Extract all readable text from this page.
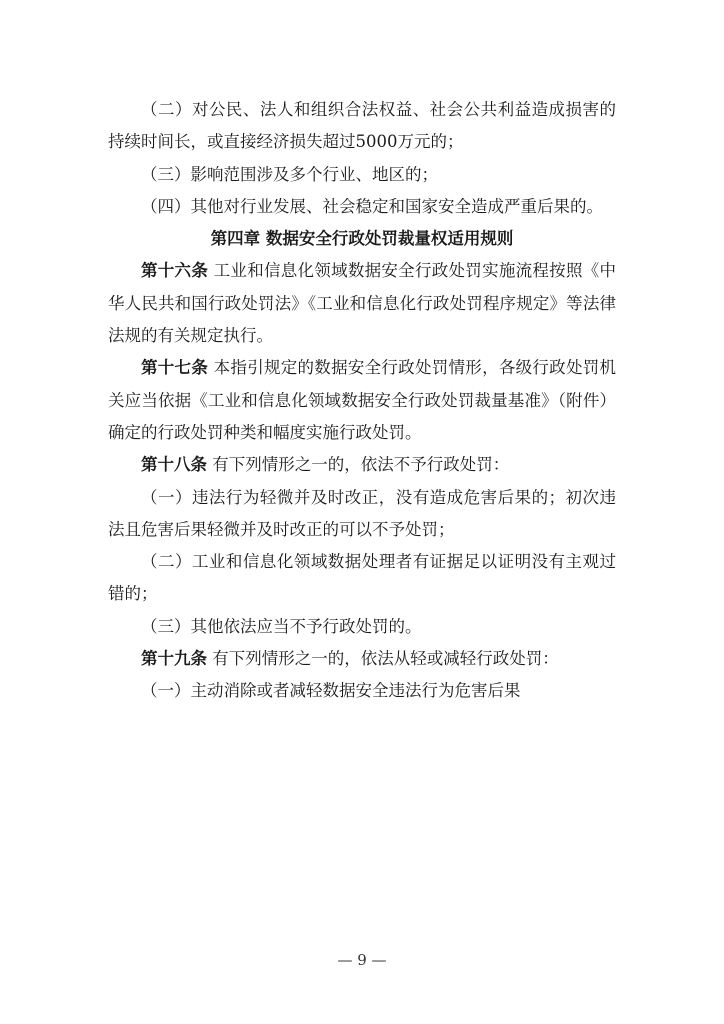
（二）对公民、法人和组织合法权益、社会公共利益造成损害的持续时间长，或直接经济损失超过5000万元的；

（三）影响范围涉及多个行业、地区的；

（四）其他对行业发展、社会稳定和国家安全造成严重后果的。

第四章 数据安全行政处罚裁量权适用规则

第十六条 工业和信息化领域数据安全行政处罚实施流程按照《中华人民共和国行政处罚法》《工业和信息化行政处罚程序规定》等法律法规的有关规定执行。

第十七条 本指引规定的数据安全行政处罚情形，各级行政处罚机关应当依据《工业和信息化领域数据安全行政处罚裁量基准》（附件）确定的行政处罚种类和幅度实施行政处罚。

第十八条 有下列情形之一的，依法不予行政处罚：

（一）违法行为轻微并及时改正，没有造成危害后果的；初次违法且危害后果轻微并及时改正的可以不予处罚；

（二）工业和信息化领域数据处理者有证据足以证明没有主观过错的；

（三）其他依法应当不予行政处罚的。

第十九条 有下列情形之一的，依法从轻或减轻行政处罚：

（一）主动消除或者减轻数据安全违法行为危害后果

— 9 —
